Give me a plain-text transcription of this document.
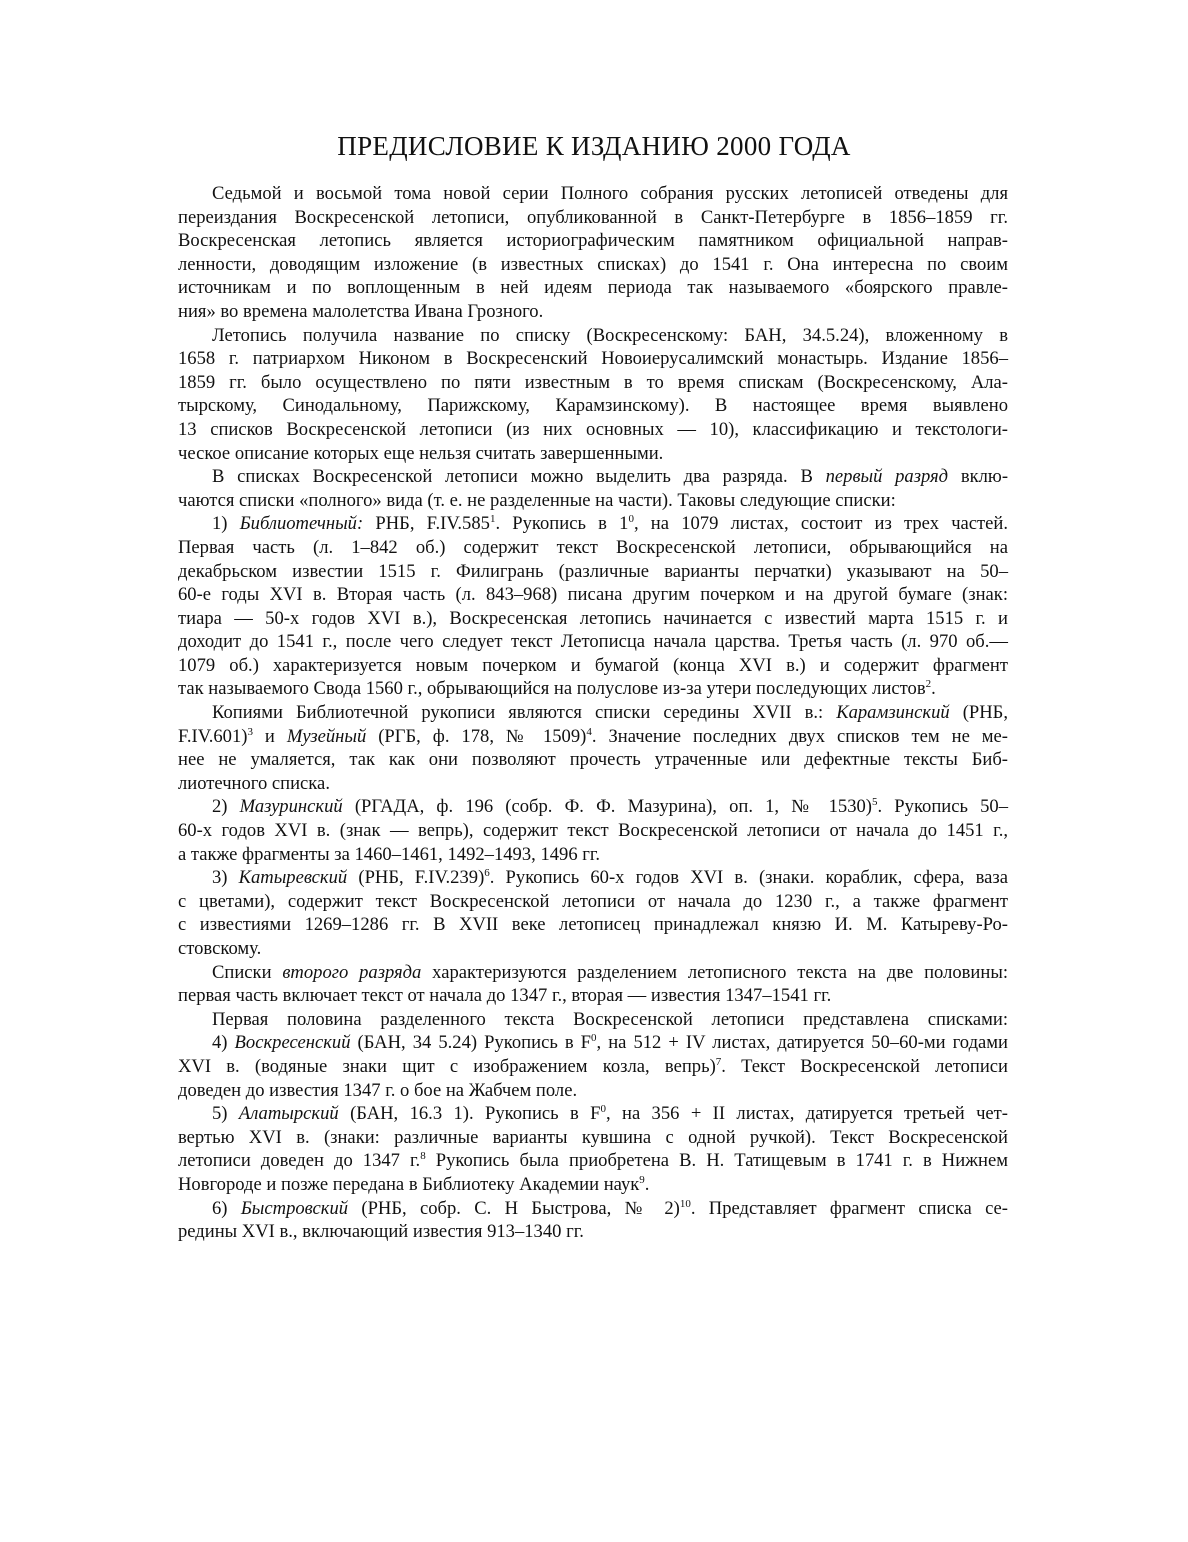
ПРЕДИСЛОВИЕ К ИЗДАНИЮ 2000 ГОДА
Седьмой и восьмой тома новой серии Полного собрания русских летописей отведены для
переиздания Воскресенской летописи, опубликованной в Санкт-Петербурге в 1856–1859 гг.
Воскресенская летопись является историографическим памятником официальной направ-
ленности, доводящим изложение (в известных списках) до 1541 г. Она интересна по своим
источникам и по воплощенным в ней идеям периода так называемого «боярского правле-
ния» во времена малолетства Ивана Грозного.
Летопись получила название по списку (Воскресенскому: БАН, 34.5.24), вложенному в
1658 г. патриархом Никоном в Воскресенский Новоиерусалимский монастырь. Издание 1856–
1859 гг. было осуществлено по пяти известным в то время спискам (Воскресенскому, Ала-
тырскому, Синодальному, Парижскому, Карамзинскому). В настоящее время выявлено
13 списков Воскресенской летописи (из них основных — 10), классификацию и текстологи-
ческое описание которых еще нельзя считать завершенными.
В списках Воскресенской летописи можно выделить два разряда. В первый разряд вклю-
чаются списки «полного» вида (т. е. не разделенные на части). Таковы следующие списки:
1) Библиотечный: РНБ, F.IV.585$^1$. Рукопись в $1^0$, на 1079 листах, состоит из трех частей.
Первая часть (л. 1–842 об.) содержит текст Воскресенской летописи, обрывающийся на
декабрьском известии 1515 г. Филигрань (различные варианты перчатки) указывают на 50–
60-е годы XVI в. Вторая часть (л. 843–968) писана другим почерком и на другой бумаге (знак:
тиара — 50-х годов XVI в.), Воскресенская летопись начинается с известий марта 1515 г. и
доходит до 1541 г., после чего следует текст Летописца начала царства. Третья часть (л. 970 об.—
1079 об.) характеризуется новым почерком и бумагой (конца XVI в.) и содержит фрагмент
так называемого Свода 1560 г., обрывающийся на полуслове из-за утери последующих листов$^2$.
Копиями Библиотечной рукописи являются списки середины XVII в.: Карамзинский (РНБ,
F.IV.601)$^3$ и Музейный (РГБ, ф. 178, № 1509)$^4$. Значение последних двух списков тем не ме-
нее не умаляется, так как они позволяют прочесть утраченные или дефектные тексты Биб-
лиотечного списка.
2) Мазуринский (РГАДА, ф. 196 (собр. Ф. Ф. Мазурина), оп. 1, № 1530)$^5$. Рукопись 50–
60-х годов XVI в. (знак — вепрь), содержит текст Воскресенской летописи от начала до 1451 г.,
а также фрагменты за 1460–1461, 1492–1493, 1496 гг.
3) Катыревский (РНБ, F.IV.239)$^6$. Рукопись 60-х годов XVI в. (знаки. кораблик, сфера, ваза
с цветами), содержит текст Воскресенской летописи от начала до 1230 г., а также фрагмент
с известиями 1269–1286 гг. В XVII веке летописец принадлежал князю И. М. Катыреву-Ро-
стовскому.
Списки второго разряда характеризуются разделением летописного текста на две половины:
первая часть включает текст от начала до 1347 г., вторая — известия 1347–1541 гг.
Первая половина разделенного текста Воскресенской летописи представлена списками:
4) Воскресенский (БАН, 34 5.24) Рукопись в $F^0$, на 512 + IV листах, датируется 50–60-ми годами
XVI в. (водяные знаки щит с изображением козла, вепрь)$^7$. Текст Воскресенской летописи
доведен до известия 1347 г. о бое на Жабчем поле.
5) Алатырский (БАН, 16.3 1). Рукопись в $F^0$, на 356 + II листах, датируется третьей чет-
вертью XVI в. (знаки: различные варианты кувшина с одной ручкой). Текст Воскресенской
летописи доведен до 1347 г.$^8$ Рукопись была приобретена В. Н. Татищевым в 1741 г. в Нижнем
Новгороде и позже передана в Библиотеку Академии наук$^9$.
6) Быстровский (РНБ, собр. С. Н Быстрова, № 2)$^{10}$. Представляет фрагмент списка се-
редины XVI в., включающий известия 913–1340 гг.
